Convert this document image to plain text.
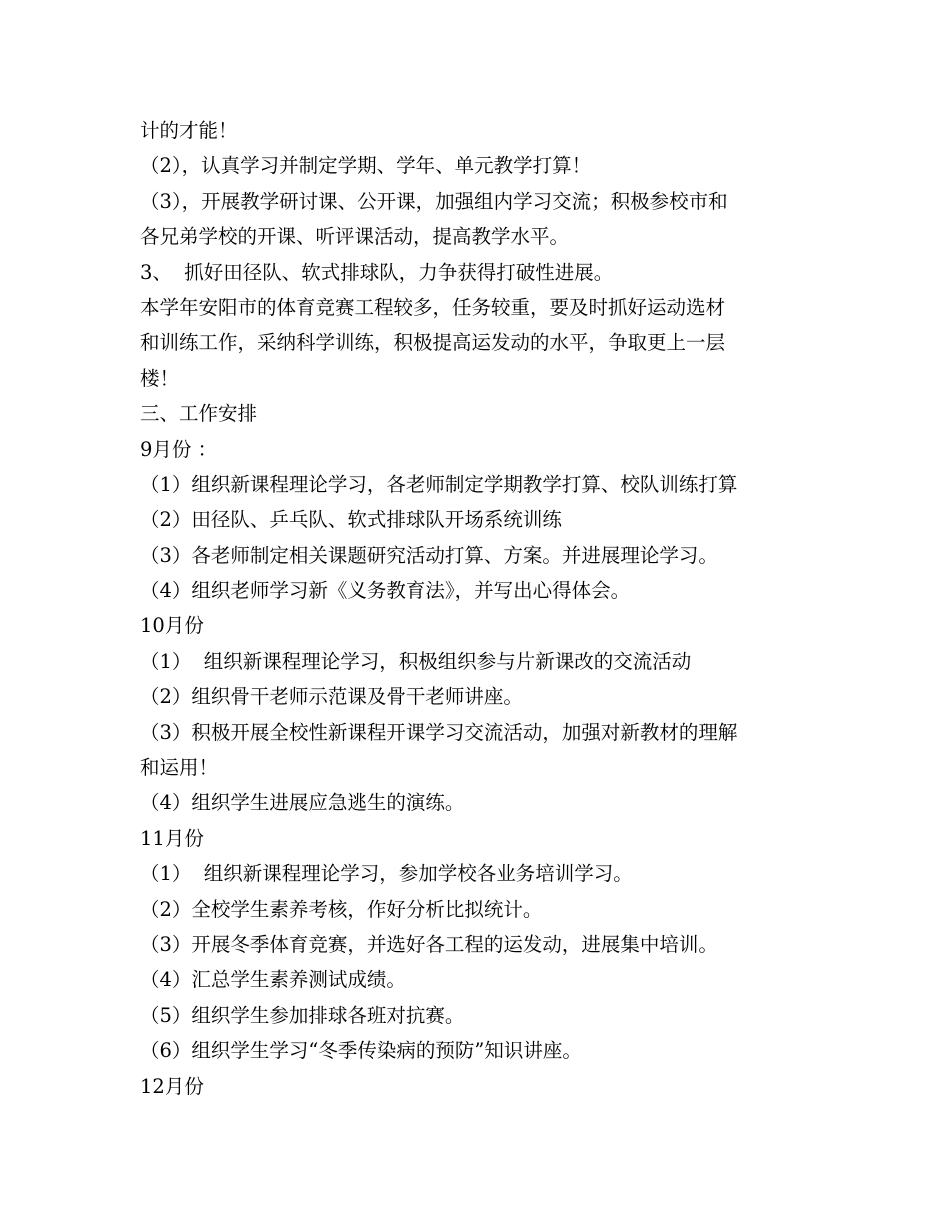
计的才能！
（2），认真学习并制定学期、学年、单元教学打算！
（3），开展教学研讨课、公开课，加强组内学习交流；积极参校市和
各兄弟学校的开课、听评课活动，提高教学水平。
3、  抓好田径队、软式排球队，力争获得打破性进展。
本学年安阳市的体育竞赛工程较多，任务较重，要及时抓好运动选材
和训练工作，采纳科学训练，积极提高运发动的水平，争取更上一层
楼！
三、工作安排
9月份 ：
（1）组织新课程理论学习，各老师制定学期教学打算、校队训练打算
（2）田径队、乒乓队、软式排球队开场系统训练
（3）各老师制定相关课题研究活动打算、方案。并进展理论学习。
（4）组织老师学习新《义务教育法》，并写出心得体会。
10月份
（1）  组织新课程理论学习，积极组织参与片新课改的交流活动
（2）组织骨干老师示范课及骨干老师讲座。
（3）积极开展全校性新课程开课学习交流活动，加强对新教材的理解
和运用！
（4）组织学生进展应急逃生的演练。
11月份
（1）  组织新课程理论学习，参加学校各业务培训学习。
（2）全校学生素养考核，作好分析比拟统计。
（3）开展冬季体育竞赛，并选好各工程的运发动，进展集中培训。
（4）汇总学生素养测试成绩。
（5）组织学生参加排球各班对抗赛。
（6）组织学生学习“冬季传染病的预防”知识讲座。
12月份
